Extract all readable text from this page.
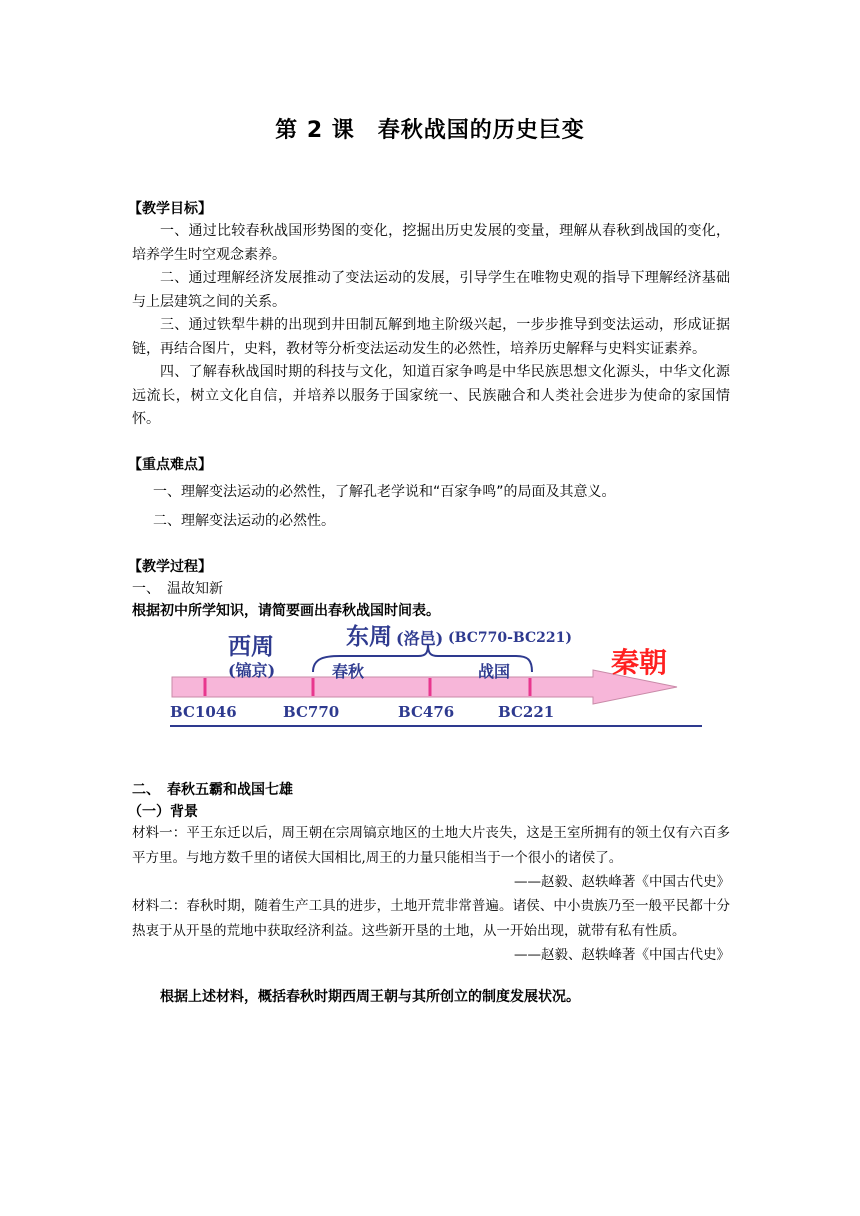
第 2 课　春秋战国的历史巨变
【教学目标】

一、通过比较春秋战国形势图的变化，挖掘出历史发展的变量，理解从春秋到战国的变化，培养学生时空观念素养。

二、通过理解经济发展推动了变法运动的发展，引导学生在唯物史观的指导下理解经济基础与上层建筑之间的关系。

三、通过铁犁牛耕的出现到井田制瓦解到地主阶级兴起，一步步推导到变法运动，形成证据链，再结合图片，史料，教材等分析变法运动发生的必然性，培养历史解释与史料实证素养。

四、了解春秋战国时期的科技与文化，知道百家争鸣是中华民族思想文化源头，中华文化源远流长，树立文化自信，并培养以服务于国家统一、民族融合和人类社会进步为使命的家国情怀。

【重点难点】
一、理解变法运动的必然性，了解孔老学说和“百家争鸣”的局面及其意义。
二、理解变法运动的必然性。
【教学过程】
一、　温故知新
根据初中所学知识，请简要画出春秋战国时间表。
西周
(镐京)
东周 (洛邑) (BC770-BC221)
春秋	战国	秦朝
BC1046	BC770	BC476	BC221
二、　春秋五霸和战国七雄
（一）背景

材料一：平王东迁以后，周王朝在宗周镐京地区的土地大片丧失，这是王室所拥有的领土仅有六百多平方里。与地方数千里的诸侯大国相比,周王的力量只能相当于一个很小的诸侯了。

——赵毅、赵轶峰著《中国古代史》

材料二：春秋时期，随着生产工具的进步，土地开荒非常普遍。诸侯、中小贵族乃至一般平民都十分热衷于从开垦的荒地中获取经济利益。这些新开垦的土地，从一开始出现，就带有私有性质。

——赵毅、赵轶峰著《中国古代史》

根据上述材料，概括春秋时期西周王朝与其所创立的制度发展状况。
